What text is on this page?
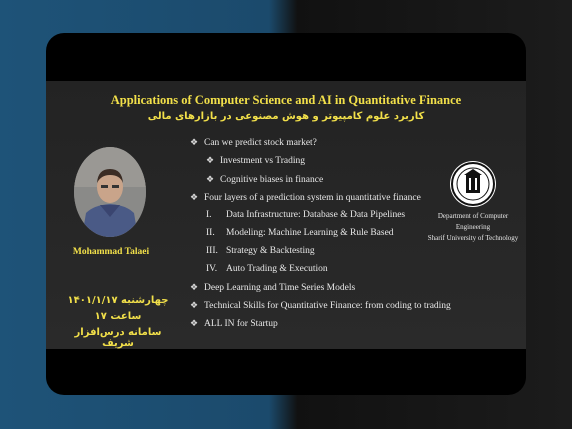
Applications of Computer Science and AI in Quantitative Finance
کاربرد علوم کامپیوتر و هوش مصنوعی در بازارهای مالی
Mohammad Talaei
چهارشنبه ۱۴۰۱/۱/۱۷
ساعت ۱۷
سامانه درس‌افزار شریف
Department of Computer Engineering
Sharif University of Technology
❖ Can we predict stock market?
❖ Investment vs Trading
❖ Cognitive biases in finance
❖ Four layers of a prediction system in quantitative finance
I. Data Infrastructure: Database & Data Pipelines
II. Modeling: Machine Learning & Rule Based
III. Strategy & Backtesting
IV. Auto Trading & Execution
❖ Deep Learning and Time Series Models
❖ Technical Skills for Quantitative Finance: from coding to trading
❖ ALL IN for Startup
